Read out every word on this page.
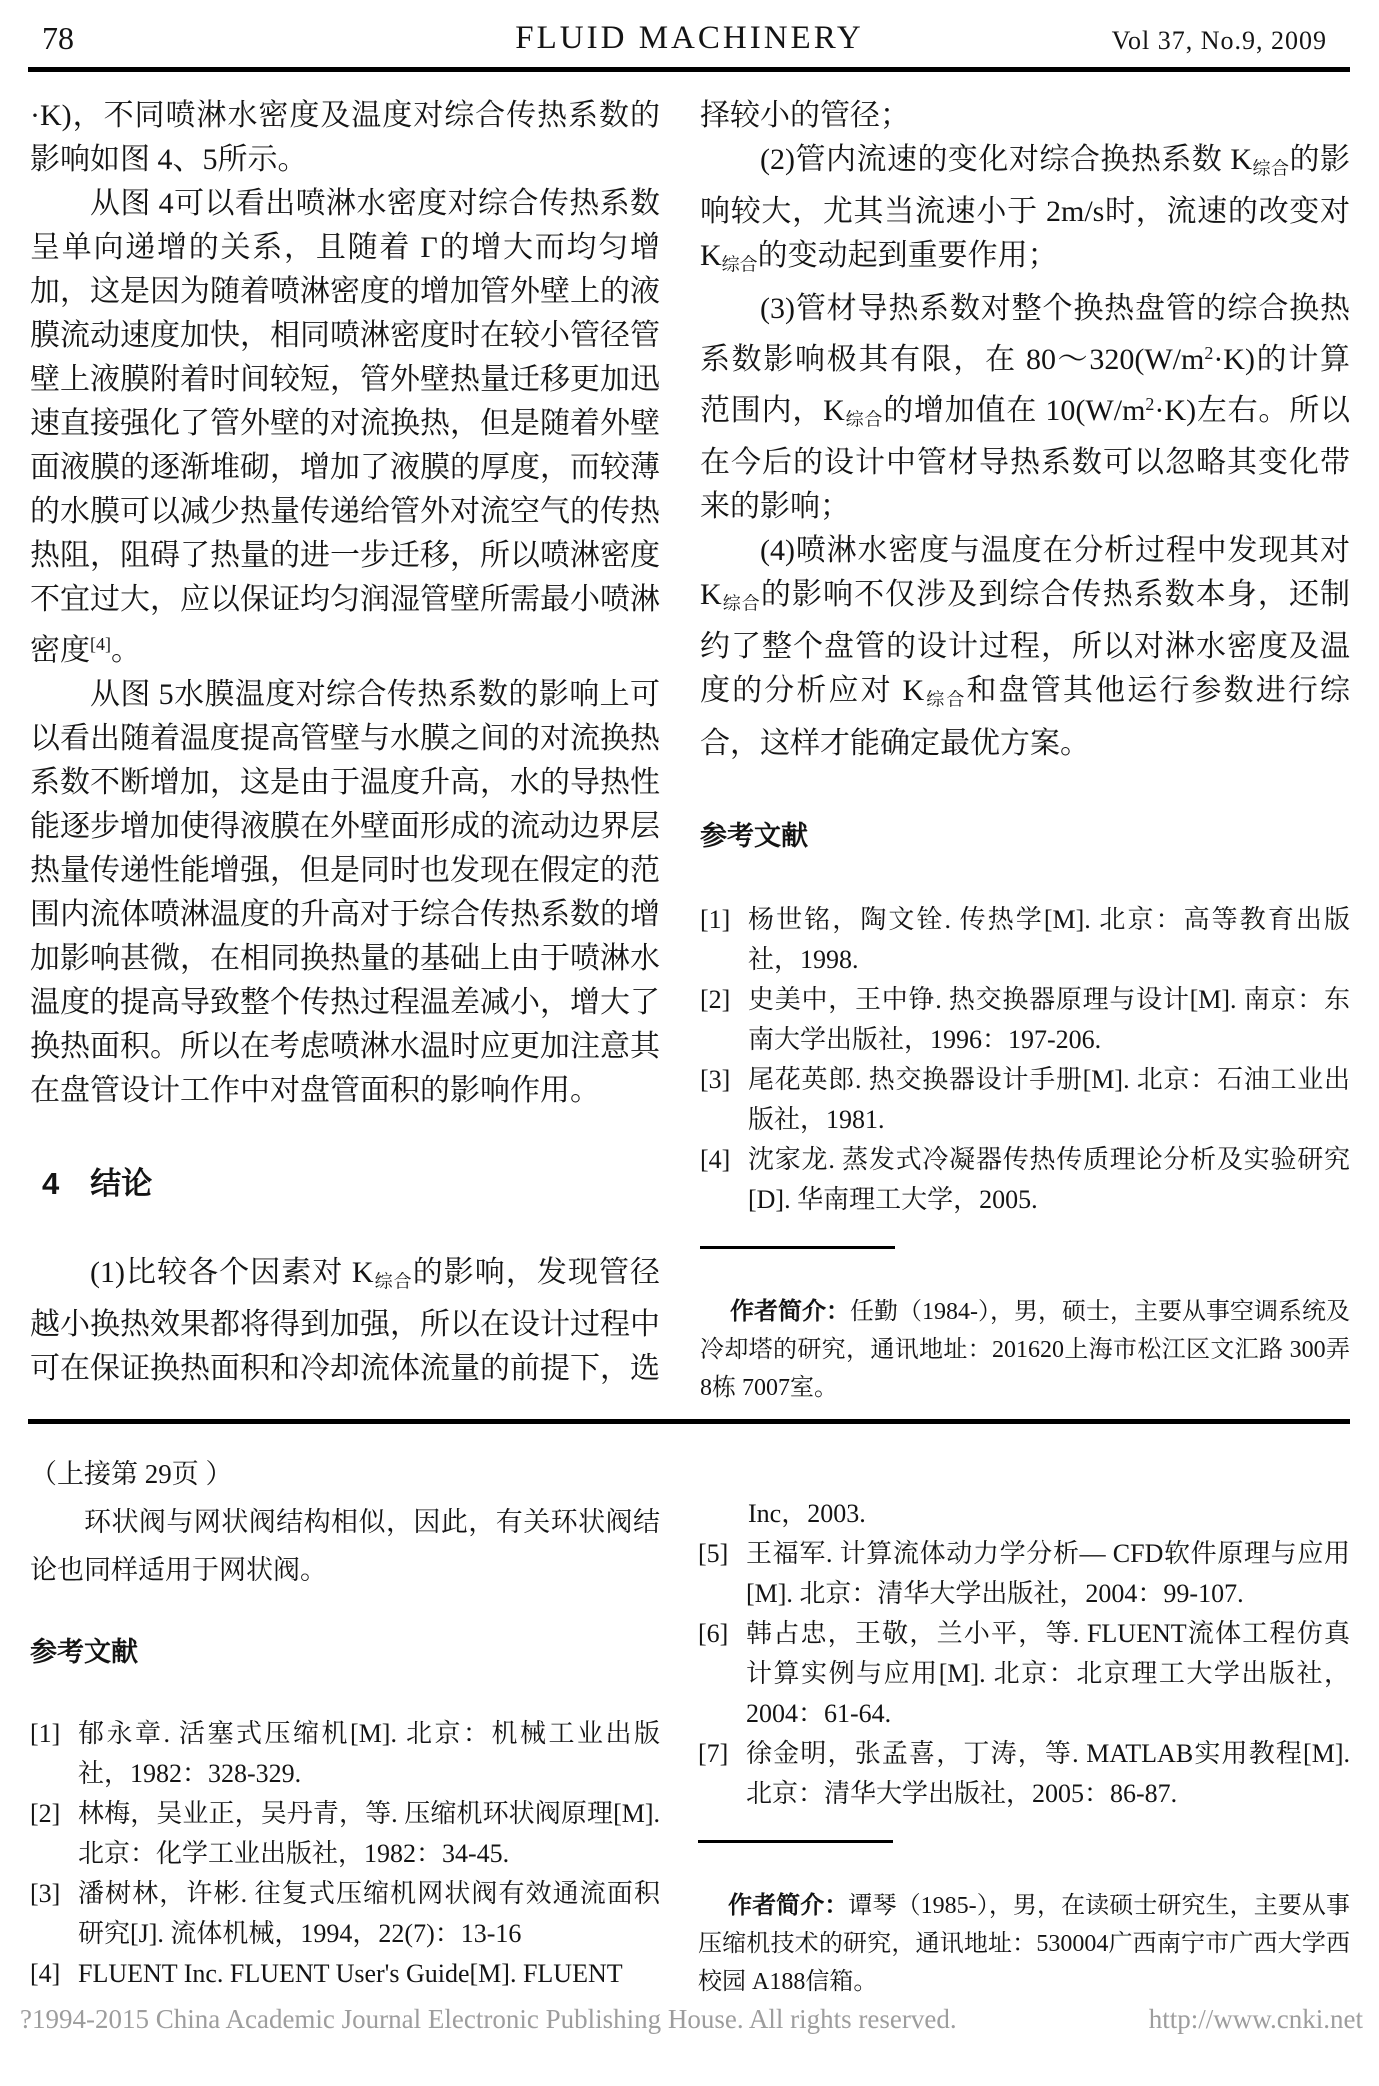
78	FLUID MACHINERY	Vol 37, No.9, 2009

·K)，不同喷淋水密度及温度对综合传热系数的影响如图 4、5所示。

从图 4可以看出喷淋水密度对综合传热系数呈单向递增的关系，且随着 Γ的增大而均匀增加，这是因为随着喷淋密度的增加管外壁上的液膜流动速度加快，相同喷淋密度时在较小管径管壁上液膜附着时间较短，管外壁热量迁移更加迅速直接强化了管外壁的对流换热，但是随着外壁面液膜的逐渐堆砌，增加了液膜的厚度，而较薄的水膜可以减少热量传递给管外对流空气的传热热阻，阻碍了热量的进一步迁移，所以喷淋密度不宜过大，应以保证均匀润湿管壁所需最小喷淋密度[4]。

从图 5水膜温度对综合传热系数的影响上可以看出随着温度提高管壁与水膜之间的对流换热系数不断增加，这是由于温度升高，水的导热性能逐步增加使得液膜在外壁面形成的流动边界层热量传递性能增强，但是同时也发现在假定的范围内流体喷淋温度的升高对于综合传热系数的增加影响甚微，在相同换热量的基础上由于喷淋水温度的提高导致整个传热过程温差减小，增大了换热面积。所以在考虑喷淋水温时应更加注意其在盘管设计工作中对盘管面积的影响作用。

4　结论

(1)比较各个因素对 $K_{综合}$的影响，发现管径越小换热效果都将得到加强，所以在设计过程中可在保证换热面积和冷却流体流量的前提下，选

择较小的管径；

(2)管内流速的变化对综合换热系数 $K_{综合}$的影响较大，尤其当流速小于 2m/s时，流速的改变对 $K_{综合}$的变动起到重要作用；

(3)管材导热系数对整个换热盘管的综合换热系数影响极其有限，在 $80\sim 320(W/m^2\cdot K)$的计算范围内，$K_{综合}$的增加值在 $10(W/m^2\cdot K)$左右。所以在今后的设计中管材导热系数可以忽略其变化带来的影响；

(4)喷淋水密度与温度在分析过程中发现其对 $K_{综合}$的影响不仅涉及到综合传热系数本身，还制约了整个盘管的设计过程，所以对淋水密度及温度的分析应对 $K_{综合}$和盘管其他运行参数进行综合，这样才能确定最优方案。

参考文献
[1] 杨世铭，陶文铨. 传热学[M]. 北京：高等教育出版社，1998.
[2] 史美中，王中铮. 热交换器原理与设计[M]. 南京：东南大学出版社，1996：197-206.
[3] 尾花英郎. 热交换器设计手册[M]. 北京：石油工业出版社，1981.
[4] 沈家龙. 蒸发式冷凝器传热传质理论分析及实验研究[D]. 华南理工大学，2005.

作者简介：任勤（1984-），男，硕士，主要从事空调系统及冷却塔的研究，通讯地址：201620上海市松江区文汇路 300弄 8栋 7007室。

（上接第 29页 ）

环状阀与网状阀结构相似，因此，有关环状阀结论也同样适用于网状阀。

参考文献
[1] 郁永章. 活塞式压缩机[M]. 北京：机械工业出版社，1982：328-329.
[2] 林梅，吴业正，吴丹青，等. 压缩机环状阀原理[M]. 北京：化学工业出版社，1982：34-45.
[3] 潘树林，许彬. 往复式压缩机网状阀有效通流面积研究[J]. 流体机械，1994，22(7)：13-16
[4] FLUENT Inc. FLUENT User's Guide[M]. FLUENT

Inc，2003.

[5] 王福军. 计算流体动力学分析— CFD软件原理与应用[M]. 北京：清华大学出版社，2004：99-107.
[6] 韩占忠，王敬，兰小平，等. FLUENT流体工程仿真计算实例与应用[M]. 北京：北京理工大学出版社，2004：61-64.
[7] 徐金明，张孟喜，丁涛，等. MATLAB实用教程[M]. 北京：清华大学出版社，2005：86-87.

作者简介：谭琴（1985-），男，在读硕士研究生，主要从事压缩机技术的研究，通讯地址：530004广西南宁市广西大学西校园 A188信箱。

?1994-2015 China Academic Journal Electronic Publishing House. All rights reserved.	http://www.cnki.net
